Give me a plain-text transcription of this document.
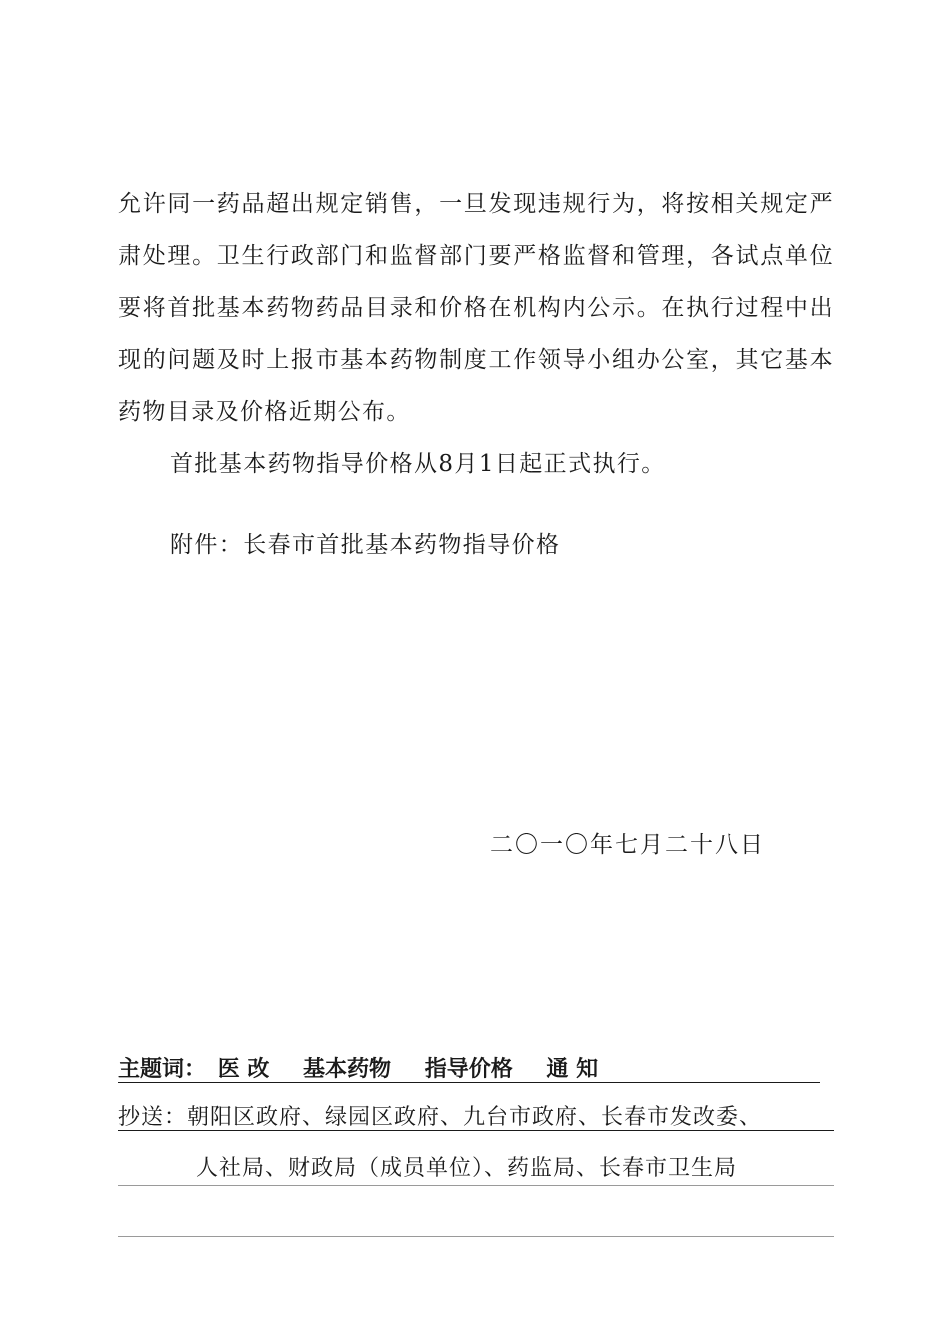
允许同一药品超出规定销售，一旦发现违规行为，将按相关规定严肃处理。卫生行政部门和监督部门要严格监督和管理，各试点单位要将首批基本药物药品目录和价格在机构内公示。在执行过程中出现的问题及时上报市基本药物制度工作领导小组办公室，其它基本药物目录及价格近期公布。

首批基本药物指导价格从8月1日起正式执行。

附件：长春市首批基本药物指导价格
二〇一〇年七月二十八日
主题词： 医 改 基本药物 指导价格 通 知
抄送：朝阳区政府、绿园区政府、九台市政府、长春市发改委、
人社局、财政局（成员单位）、药监局、长春市卫生局
